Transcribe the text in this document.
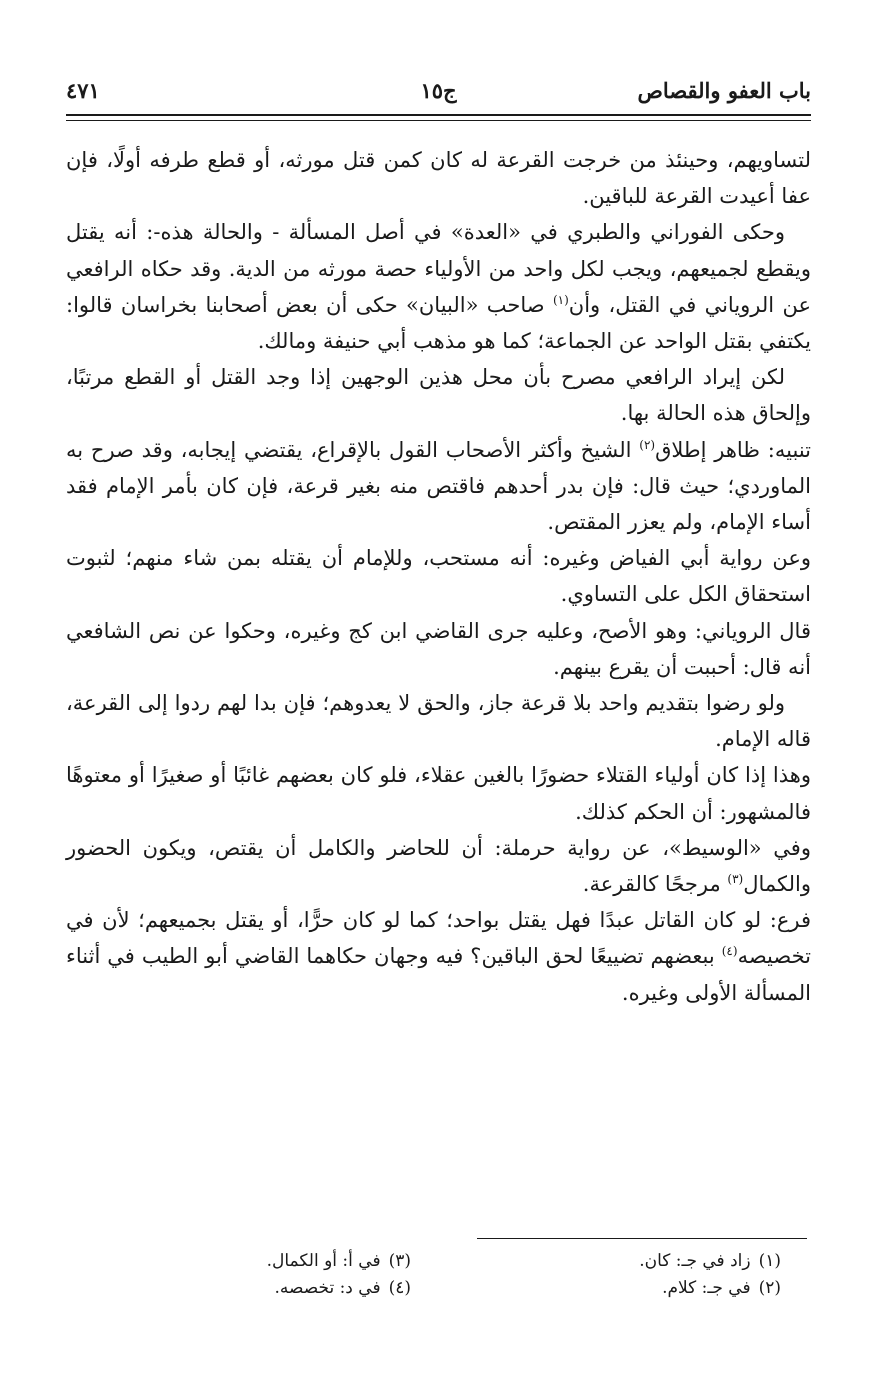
باب العفو والقصاص
ج١٥
٤٧١

لتساويهم، وحينئذ من خرجت القرعة له كان كمن قتل مورثه، أو قطع طرفه أولًا، فإن عفا أعيدت القرعة للباقين.

وحكى الفوراني والطبري في «العدة» في أصل المسألة - والحالة هذه-: أنه يقتل ويقطع لجميعهم، ويجب لكل واحد من الأولياء حصة مورثه من الدية. وقد حكاه الرافعي عن الروياني في القتل، وأن$^{(١)}$ صاحب «البيان» حكى أن بعض أصحابنا بخراسان قالوا: يكتفي بقتل الواحد عن الجماعة؛ كما هو مذهب أبي حنيفة ومالك.

لكن إيراد الرافعي مصرح بأن محل هذين الوجهين إذا وجد القتل أو القطع مرتبًا، وإلحاق هذه الحالة بها.

تنبيه: ظاهر إطلاق$^{(٢)}$ الشيخ وأكثر الأصحاب القول بالإقراع، يقتضي إيجابه، وقد صرح به الماوردي؛ حيث قال: فإن بدر أحدهم فاقتص منه بغير قرعة، فإن كان بأمر الإمام فقد أساء الإمام، ولم يعزر المقتص.

وعن رواية أبي الفياض وغيره: أنه مستحب، وللإمام أن يقتله بمن شاء منهم؛ لثبوت استحقاق الكل على التساوي.

قال الروياني: وهو الأصح، وعليه جرى القاضي ابن كج وغيره، وحكوا عن نص الشافعي أنه قال: أحببت أن يقرع بينهم.

ولو رضوا بتقديم واحد بلا قرعة جاز، والحق لا يعدوهم؛ فإن بدا لهم ردوا إلى القرعة، قاله الإمام.

وهذا إذا كان أولياء القتلاء حضورًا بالغين عقلاء، فلو كان بعضهم غائبًا أو صغيرًا أو معتوهًا فالمشهور: أن الحكم كذلك.

وفي «الوسيط»، عن رواية حرملة: أن للحاضر والكامل أن يقتص، ويكون الحضور والكمال$^{(٣)}$ مرجحًا كالقرعة.

فرع: لو كان القاتل عبدًا فهل يقتل بواحد؛ كما لو كان حرًّا، أو يقتل بجميعهم؛ لأن في تخصيصه$^{(٤)}$ ببعضهم تضييعًا لحق الباقين؟ فيه وجهان حكاهما القاضي أبو الطيب في أثناء المسألة الأولى وغيره.

(١)زاد في جـ: كان.
(٢)في جـ: كلام.
(٣)في أ: أو الكمال.
(٤)في د: تخصصه.
